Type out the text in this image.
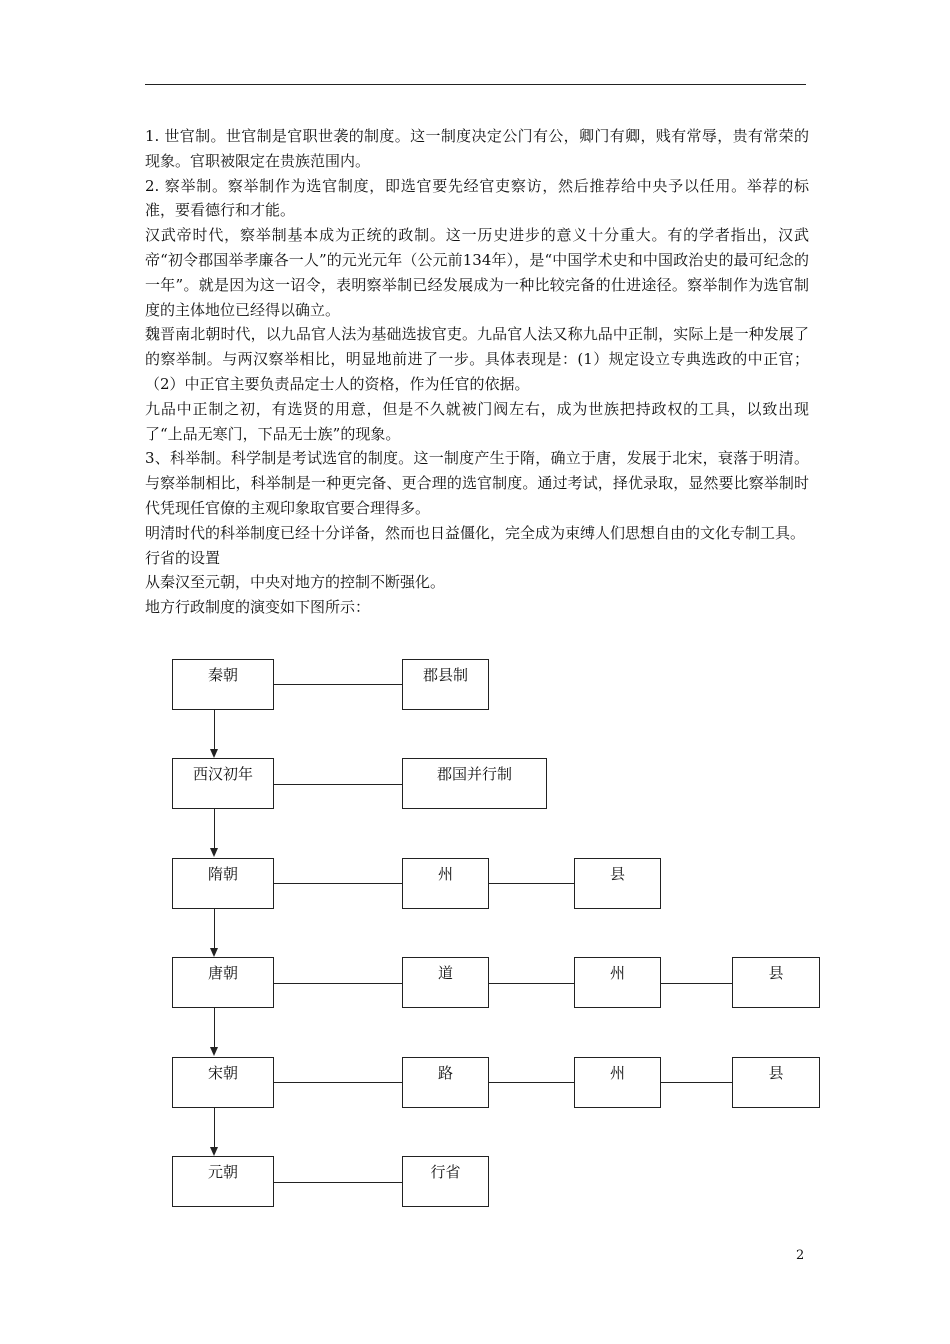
1. 世官制。世官制是官职世袭的制度。这一制度决定公门有公，卿门有卿，贱有常辱，贵有常荣的现象。官职被限定在贵族范围内。

2. 察举制。察举制作为选官制度，即选官要先经官吏察访，然后推荐给中央予以任用。举荐的标准，要看德行和才能。

汉武帝时代，察举制基本成为正统的政制。这一历史进步的意义十分重大。有的学者指出，汉武帝“初令郡国举孝廉各一人”的元光元年（公元前134年），是“中国学术史和中国政治史的最可纪念的一年”。就是因为这一诏令，表明察举制已经发展成为一种比较完备的仕进途径。察举制作为选官制度的主体地位已经得以确立。

魏晋南北朝时代，以九品官人法为基础选拔官吏。九品官人法又称九品中正制，实际上是一种发展了的察举制。与两汉察举相比，明显地前进了一步。具体表现是：(1）规定设立专典选政的中正官；（2）中正官主要负责品定士人的资格，作为任官的依据。

九品中正制之初，有选贤的用意，但是不久就被门阀左右，成为世族把持政权的工具，以致出现了“上品无寒门，下品无士族”的现象。

3、科举制。科学制是考试选官的制度。这一制度产生于隋，确立于唐，发展于北宋，衰落于明清。与察举制相比，科举制是一种更完备、更合理的选官制度。通过考试，择优录取，显然要比察举制时代凭现任官僚的主观印象取官要合理得多。

明清时代的科举制度已经十分详备，然而也日益僵化，完全成为束缚人们思想自由的文化专制工具。

行省的设置

从秦汉至元朝，中央对地方的控制不断强化。

地方行政制度的演变如下图所示：

秦朝	郡县制
西汉初年	郡国并行制
隋朝	州	县
唐朝	道	州	县
宋朝	路	州	县
元朝	行省
2
